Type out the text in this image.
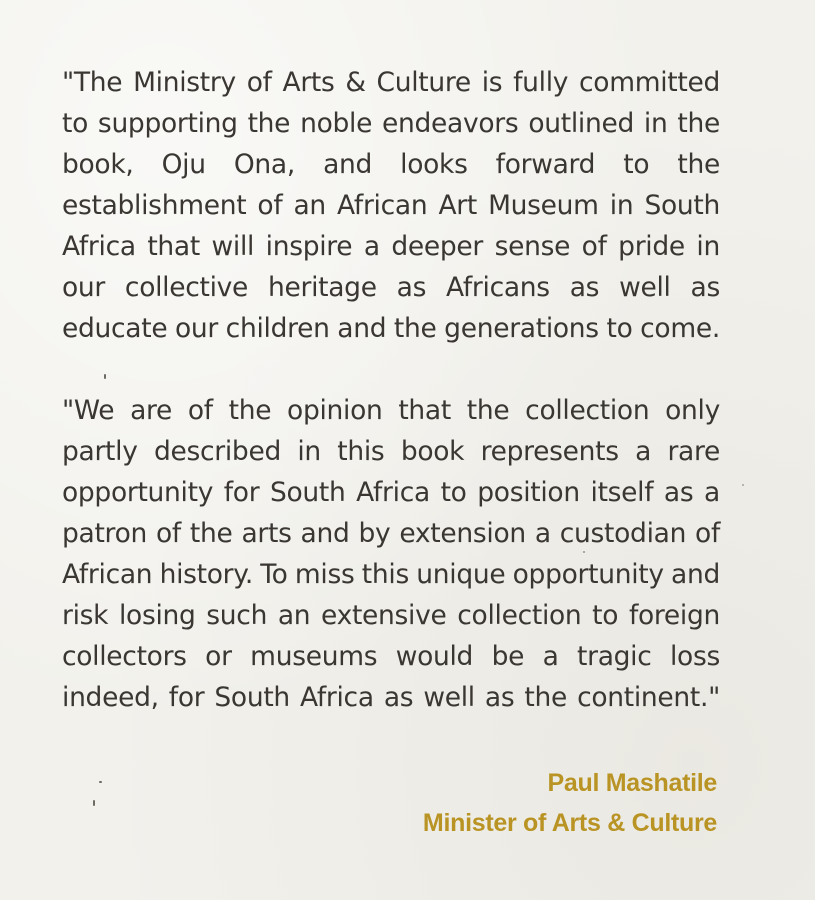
"The Ministry of Arts & Culture is fully committed to supporting the noble endeavors outlined in the book, Oju Ona, and looks forward to the establishment of an African Art Museum in South Africa that will inspire a deeper sense of pride in our collective heritage as Africans as well as educate our children and the generations to come.

"We are of the opinion that the collection only partly described in this book represents a rare opportunity for South Africa to position itself as a patron of the arts and by extension a custodian of African history. To miss this unique opportunity and risk losing such an extensive collection to foreign collectors or museums would be a tragic loss indeed, for South Africa as well as the continent."

Paul Mashatile
Minister of Arts & Culture
